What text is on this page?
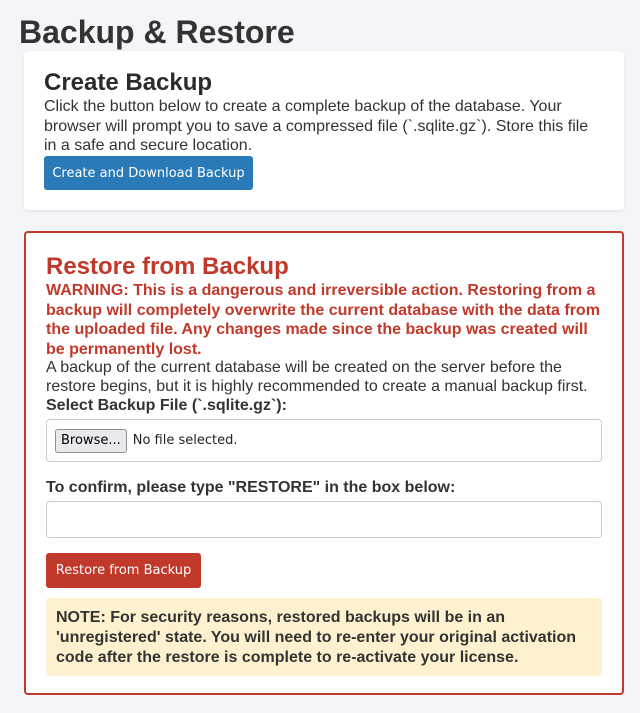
Backup & Restore
Create Backup

Click the button below to create a complete backup of the database. Your browser will prompt you to save a compressed file (`.sqlite.gz`). Store this file in a safe and secure location.

Create and Download Backup
Restore from Backup

WARNING: This is a dangerous and irreversible action. Restoring from a backup will completely overwrite the current database with the data from the uploaded file. Any changes made since the backup was created will be permanently lost.

A backup of the current database will be created on the server before the restore begins, but it is highly recommended to create a manual backup first.

Select Backup File (`.sqlite.gz`):
Browse... No file selected.
To confirm, please type "RESTORE" in the box below:
Restore from Backup
NOTE: For security reasons, restored backups will be in an 'unregistered' state. You will need to re-enter your original activation code after the restore is complete to re-activate your license.
